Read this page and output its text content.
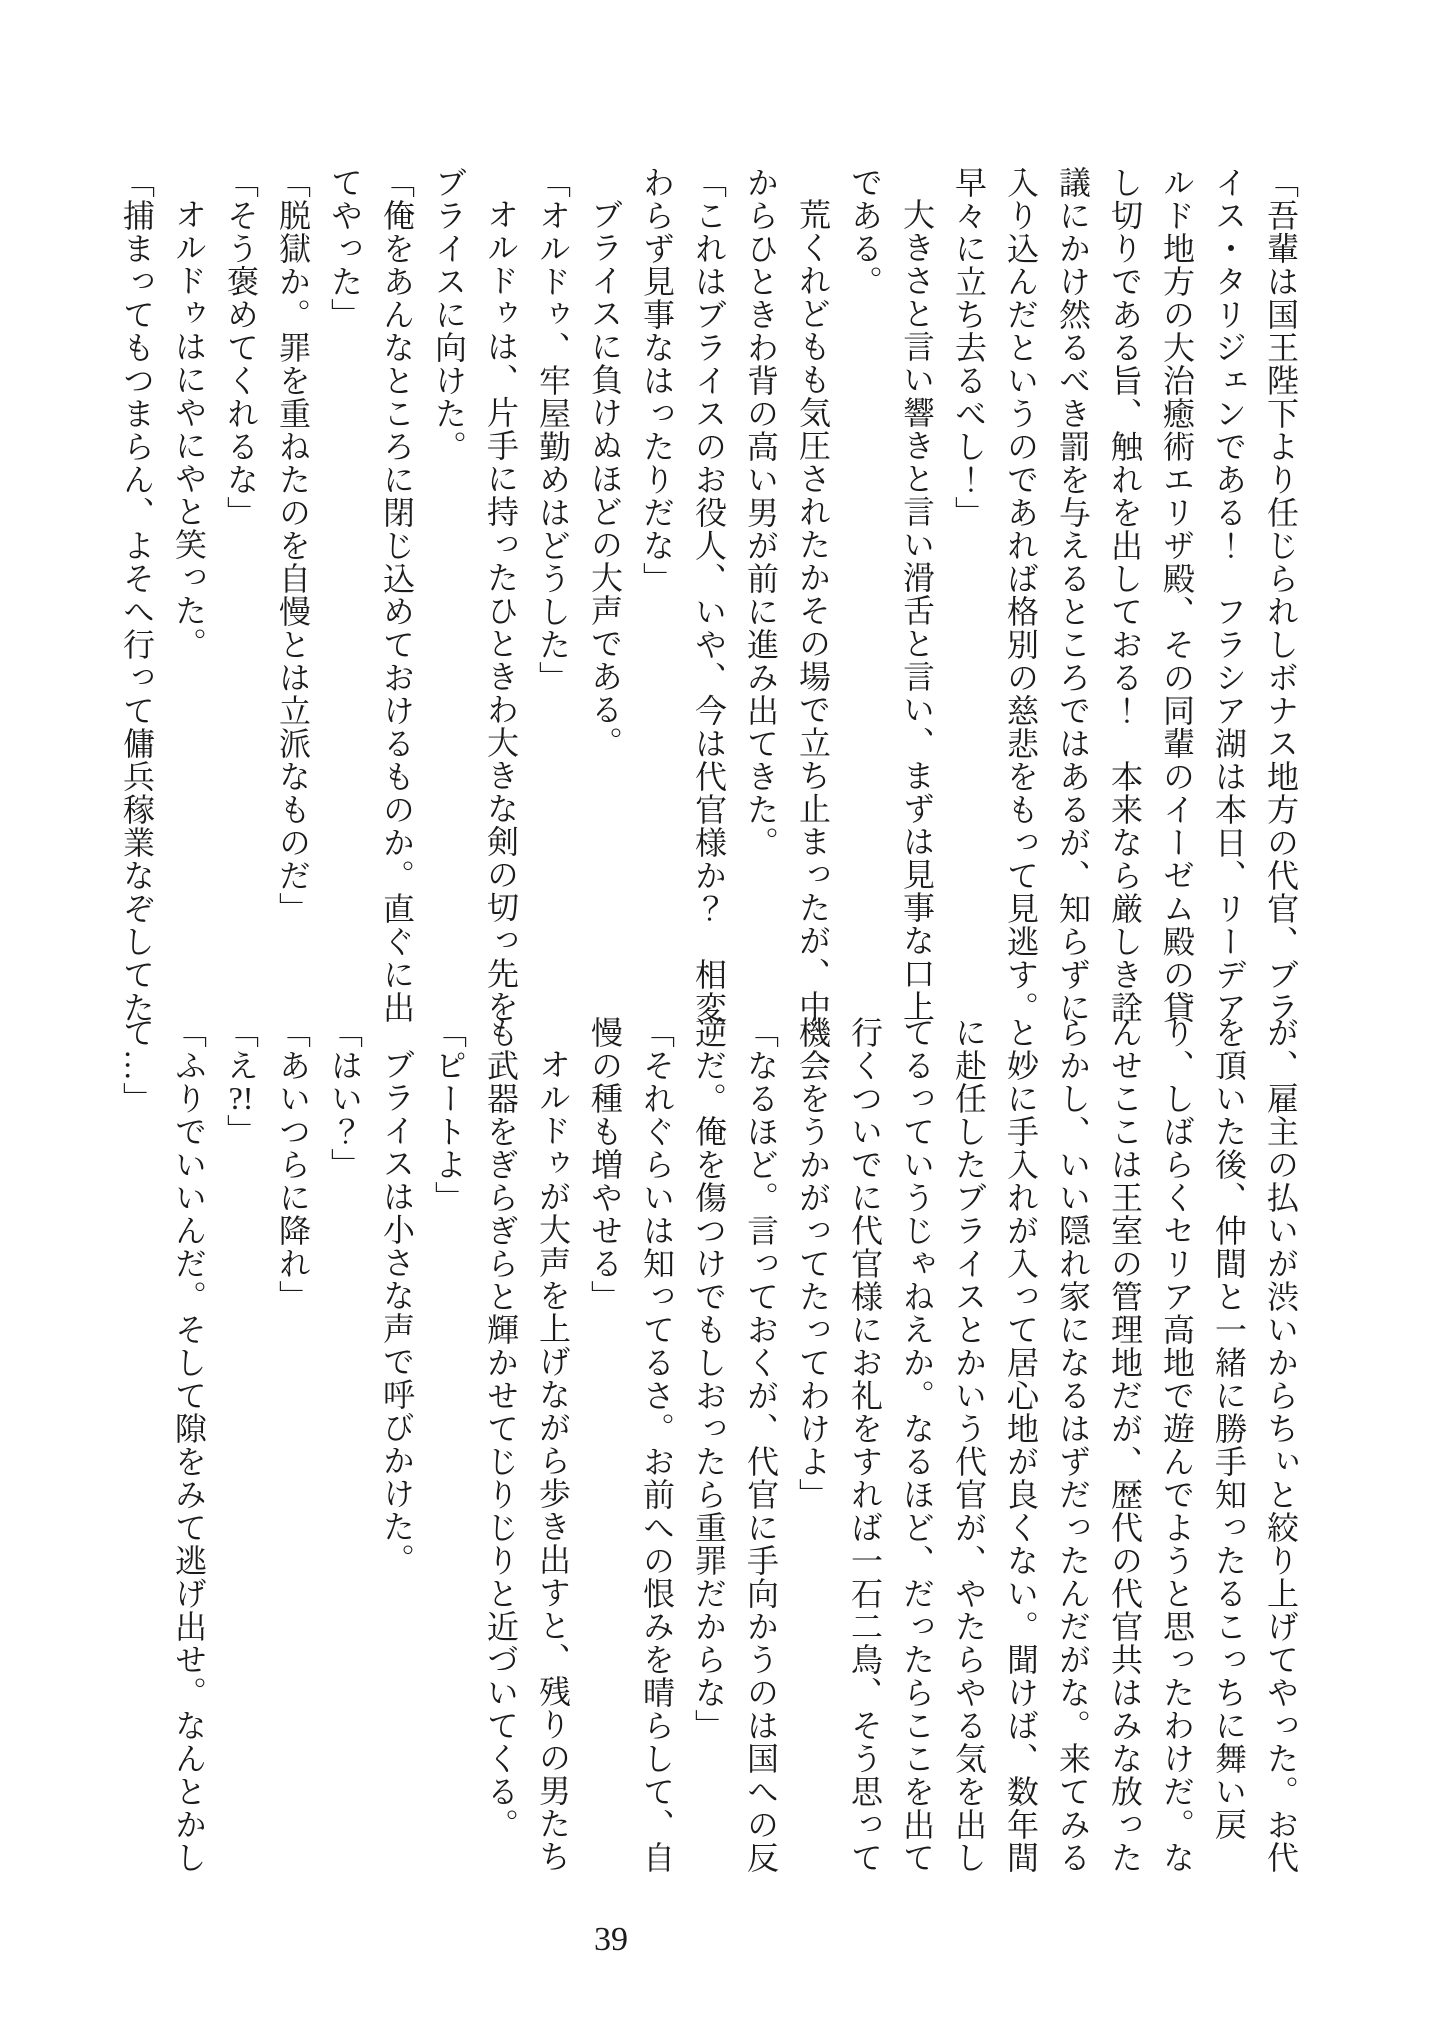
「吾輩は国王陛下より任じられしボナス地方の代官、ブライス・タリジェンである！　フラシア湖は本日、リーデアルド地方の大治癒術エリザ殿、その同輩のイーゼム殿の貸し切りである旨、触れを出しておる！　本来なら厳しき詮議にかけ然るべき罰を与えるところではあるが、知らずに入り込んだというのであれば格別の慈悲をもって見逃す。早々に立ち去るべし！」

大きさと言い響きと言い滑舌と言い、まずは見事な口上である。

荒くれどもも気圧されたかその場で立ち止まったが、中からひときわ背の高い男が前に進み出てきた。

「これはブライスのお役人、いや、今は代官様か？　相変わらず見事なはったりだな」

ブライスに負けぬほどの大声である。

「オルドゥ、牢屋勤めはどうした」

オルドゥは、片手に持ったひときわ大きな剣の切っ先をブライスに向けた。

「俺をあんなところに閉じ込めておけるものか。直ぐに出てやった」

「脱獄か。罪を重ねたのを自慢とは立派なものだ」

「そう褒めてくれるな」

オルドゥはにやにやと笑った。

「捕まってもつまらん、よそへ行って傭兵稼業なぞしてた

が、雇主の払いが渋いからちぃと絞り上げてやった。お代を頂いた後、仲間と一緒に勝手知ったるこっちに舞い戻り、しばらくセリア高地で遊んでようと思ったわけだ。なんせここは王室の管理地だが、歴代の代官共はみな放ったらかし、いい隠れ家になるはずだったんだがな。来てみると妙に手入れが入って居心地が良くない。聞けば、数年間に赴任したブライスとかいう代官が、やたらやる気を出してるっていうじゃねえか。なるほど、だったらここを出て行くついでに代官様にお礼をすれば一石二鳥、そう思って機会をうかがってたってわけよ」

「なるほど。言っておくが、代官に手向かうのは国への反逆だ。俺を傷つけでもしおったら重罪だからな」

「それぐらいは知ってるさ。お前への恨みを晴らして、自慢の種も増やせる」

オルドゥが大声を上げながら歩き出すと、残りの男たちも武器をぎらぎらと輝かせてじりじりと近づいてくる。

「ピートよ」

ブライスは小さな声で呼びかけた。

「はい？」

「あいつらに降れ」

「え?!」

「ふりでいいんだ。そして隙をみて逃げ出せ。なんとかして…」

39
